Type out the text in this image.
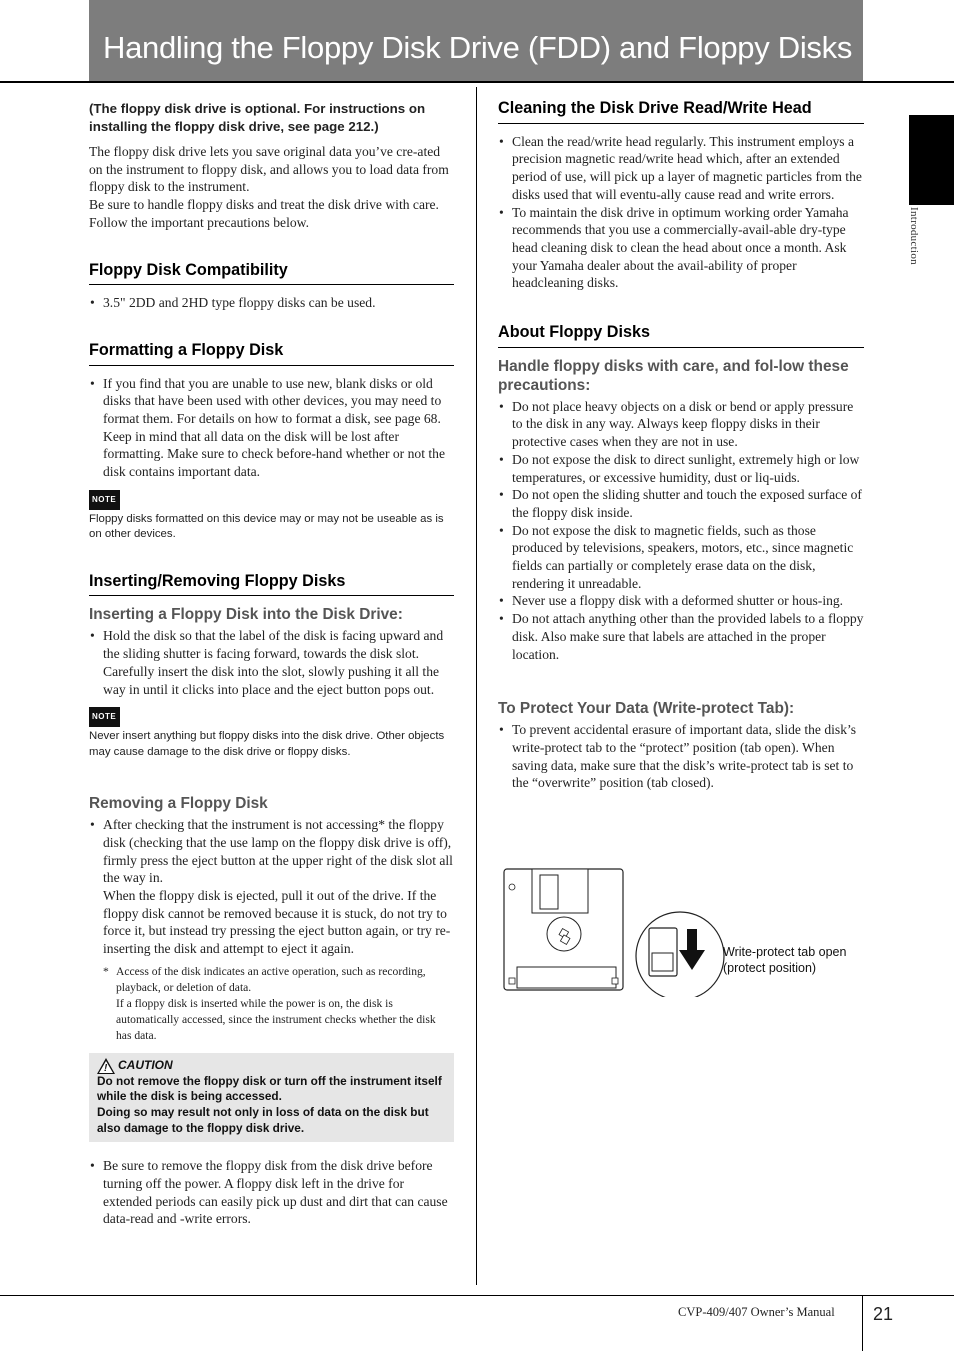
Handling the Floppy Disk Drive (FDD) and Floppy Disks
Introduction

(The floppy disk drive is optional. For instructions on installing the floppy disk drive, see page 212.)

The floppy disk drive lets you save original data you’ve cre-ated on the instrument to floppy disk, and allows you to load data from floppy disk to the instrument.

Be sure to handle floppy disks and treat the disk drive with care. Follow the important precautions below.

Floppy Disk Compatibility
• 3.5" 2DD and 2HD type floppy disks can be used.
Formatting a Floppy Disk
• If you find that you are unable to use new, blank disks or old disks that have been used with other devices, you may need to format them. For details on how to format a disk, see page 68. Keep in mind that all data on the disk will be lost after formatting. Make sure to check before-hand whether or not the disk contains important data.
NOTE

Floppy disks formatted on this device may or may not be useable as is on other devices.

Inserting/Removing Floppy Disks
Inserting a Floppy Disk into the Disk Drive:
• Hold the disk so that the label of the disk is facing upward and the sliding shutter is facing forward, towards the disk slot. Carefully insert the disk into the slot, slowly pushing it all the way in until it clicks into place and the eject button pops out.
NOTE

Never insert anything but floppy disks into the disk drive. Other objects may cause damage to the disk drive or floppy disks.

Removing a Floppy Disk
• After checking that the instrument is not accessing* the floppy disk (checking that the use lamp on the floppy disk drive is off), firmly press the eject button at the upper right of the disk slot all the way in.
When the floppy disk is ejected, pull it out of the drive. If the floppy disk cannot be removed because it is stuck, do not try to force it, but instead try pressing the eject button again, or try re-inserting the disk and attempt to eject it again.
* Access of the disk indicates an active operation, such as recording, playback, or deletion of data.
If a floppy disk is inserted while the power is on, the disk is automatically accessed, since the instrument checks whether the disk has data.
!
CAUTION

Do not remove the floppy disk or turn off the instrument itself while the disk is being accessed.

Doing so may result not only in loss of data on the disk but also damage to the floppy disk drive.

• Be sure to remove the floppy disk from the disk drive before turning off the power. A floppy disk left in the drive for extended periods can easily pick up dust and dirt that can cause data-read and -write errors.
Cleaning the Disk Drive Read/Write Head
• Clean the read/write head regularly. This instrument employs a precision magnetic read/write head which, after an extended period of use, will pick up a layer of magnetic particles from the disks used that will eventu-ally cause read and write errors.
• To maintain the disk drive in optimum working order Yamaha recommends that you use a commercially-avail-able dry-type head cleaning disk to clean the head about once a month. Ask your Yamaha dealer about the avail-ability of proper headcleaning disks.
About Floppy Disks
Handle floppy disks with care, and fol-low these precautions:
• Do not place heavy objects on a disk or bend or apply pressure to the disk in any way. Always keep floppy disks in their protective cases when they are not in use.
• Do not expose the disk to direct sunlight, extremely high or low temperatures, or excessive humidity, dust or liq-uids.
• Do not open the sliding shutter and touch the exposed surface of the floppy disk inside.
• Do not expose the disk to magnetic fields, such as those produced by televisions, speakers, motors, etc., since magnetic fields can partially or completely erase data on the disk, rendering it unreadable.
• Never use a floppy disk with a deformed shutter or hous-ing.
• Do not attach anything other than the provided labels to a floppy disk. Also make sure that labels are attached in the proper location.
To Protect Your Data (Write-protect Tab):
• To prevent accidental erasure of important data, slide the disk’s write-protect tab to the “protect” position (tab open). When saving data, make sure that the disk’s write-protect tab is set to the “overwrite” position (tab closed).
Write-protect tab open
(protect position)
CVP-409/407 Owner’s Manual 21
